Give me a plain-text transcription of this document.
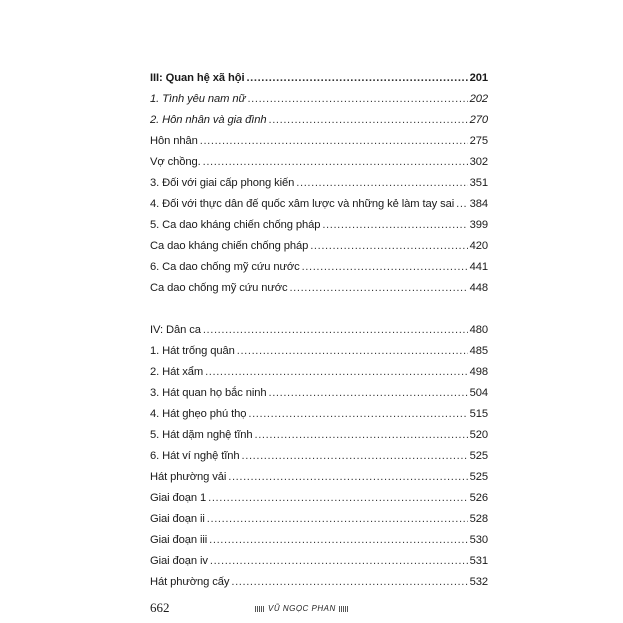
III: Quan hệ xã hội .....	201
1. Tình yêu nam nữ .....	202
2. Hôn nhân và gia đình .....	270
Hôn nhân .....	275
Vợ chồng. .....	302
3. Đối với giai cấp phong kiến .....	351
4. Đối với thực dân đế quốc xâm lược và những kẻ làm tay sai ..... 384
5. Ca dao kháng chiến chống pháp .....	399
Ca dao kháng chiến chống pháp .....	420
6. Ca dao chống mỹ cứu nước .....	441
Ca dao chống mỹ cứu nước .....	448
IV: Dân ca .....	480
1. Hát trống quân .....	485
2. Hát xẩm .....	498
3. Hát quan họ bắc ninh .....	504
4. Hát ghẹo phú thọ .....	515
5. Hát dặm nghệ tĩnh .....	520
6. Hát ví nghệ tĩnh .....	525
Hát phường vải .....	525
Giai đoạn 1 .....	526
Giai đoạn ii .....	528
Giai đoạn iii .....	530
Giai đoạn iv .....	531
Hát phường cấy .....	532
662	VŨ NGỌC PHAN
